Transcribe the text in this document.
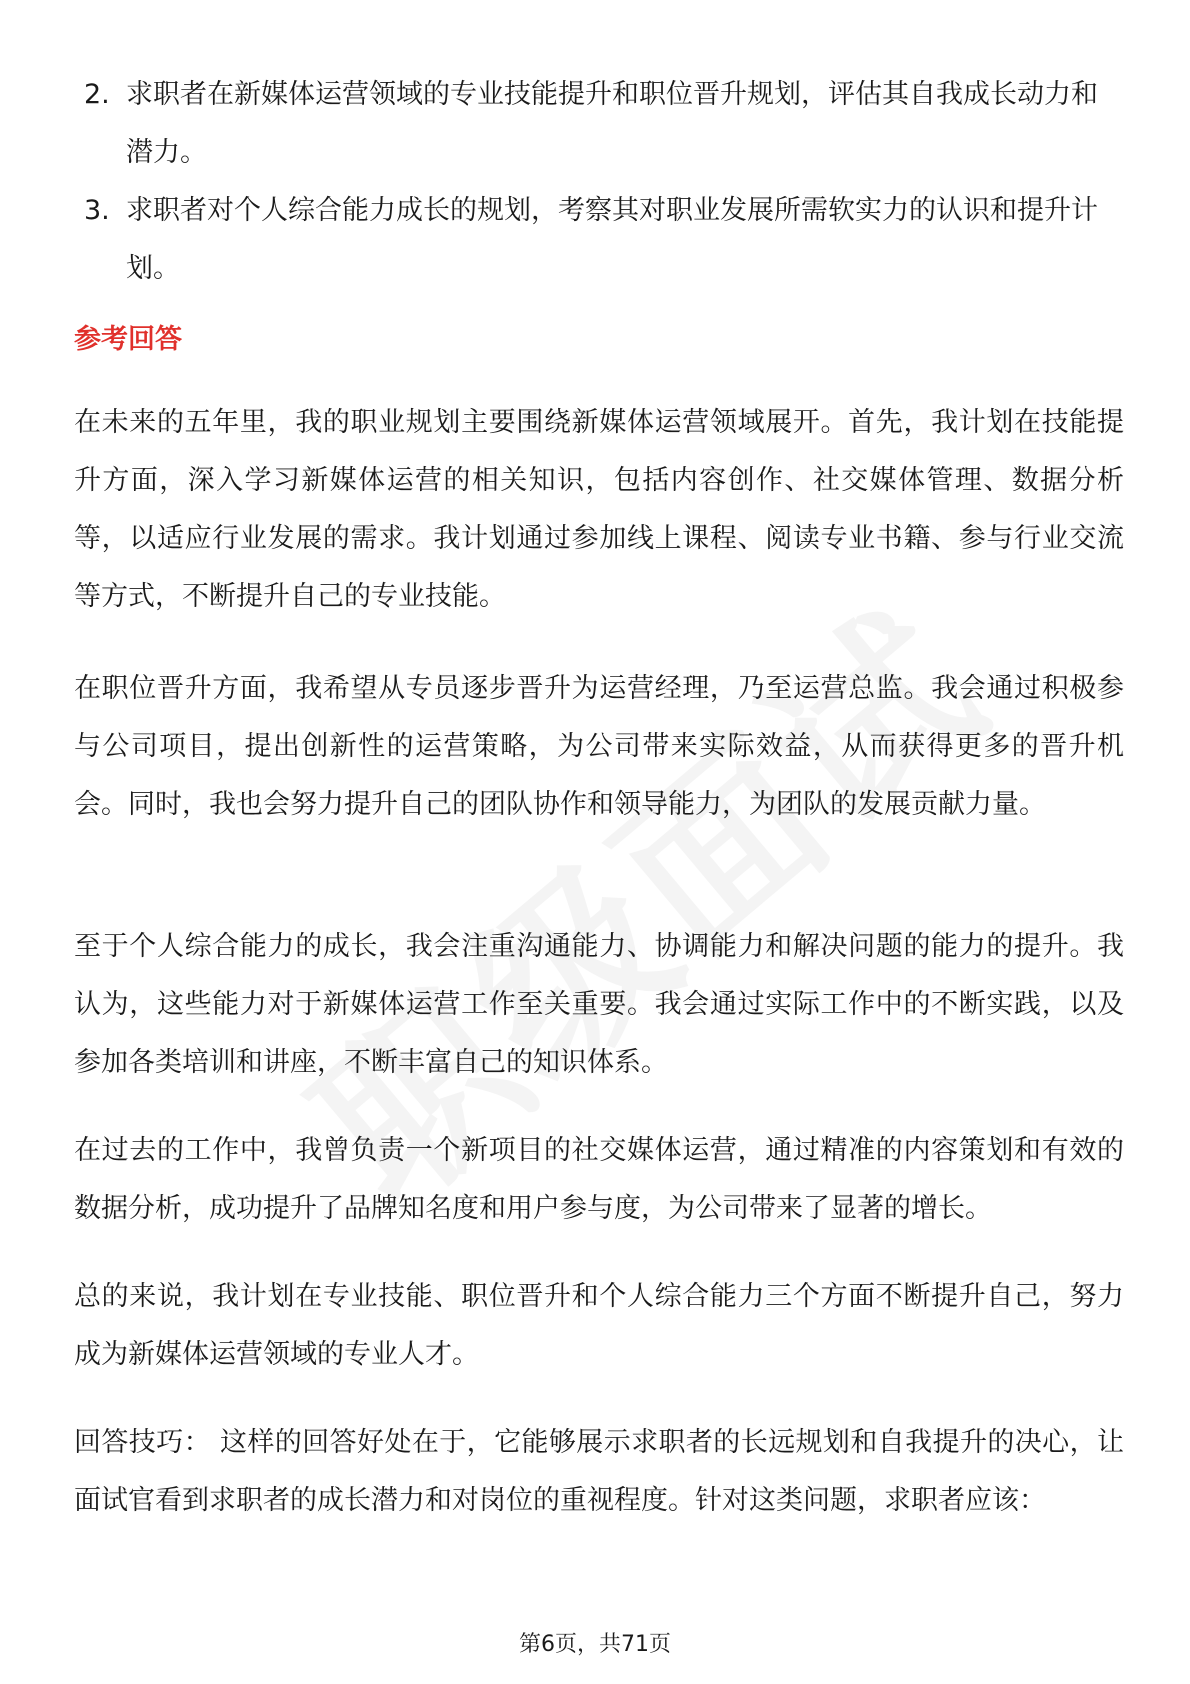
2. 求职者在新媒体运营领域的专业技能提升和职位晋升规划，评估其自我成长动力和潜力。
3. 求职者对个人综合能力成长的规划，考察其对职业发展所需软实力的认识和提升计划。
参考回答

在未来的五年里，我的职业规划主要围绕新媒体运营领域展开。首先，我计划在技能提升方面，深入学习新媒体运营的相关知识，包括内容创作、社交媒体管理、数据分析等，以适应行业发展的需求。我计划通过参加线上课程、阅读专业书籍、参与行业交流等方式，不断提升自己的专业技能。

在职位晋升方面，我希望从专员逐步晋升为运营经理，乃至运营总监。我会通过积极参与公司项目，提出创新性的运营策略，为公司带来实际效益，从而获得更多的晋升机会。同时，我也会努力提升自己的团队协作和领导能力，为团队的发展贡献力量。

至于个人综合能力的成长，我会注重沟通能力、协调能力和解决问题的能力的提升。我认为，这些能力对于新媒体运营工作至关重要。我会通过实际工作中的不断实践，以及参加各类培训和讲座，不断丰富自己的知识体系。

在过去的工作中，我曾负责一个新项目的社交媒体运营，通过精准的内容策划和有效的数据分析，成功提升了品牌知名度和用户参与度，为公司带来了显著的增长。

总的来说，我计划在专业技能、职位晋升和个人综合能力三个方面不断提升自己，努力成为新媒体运营领域的专业人才。

回答技巧： 这样的回答好处在于，它能够展示求职者的长远规划和自我提升的决心，让面试官看到求职者的成长潜力和对岗位的重视程度。针对这类问题，求职者应该：

第6页，共71页
